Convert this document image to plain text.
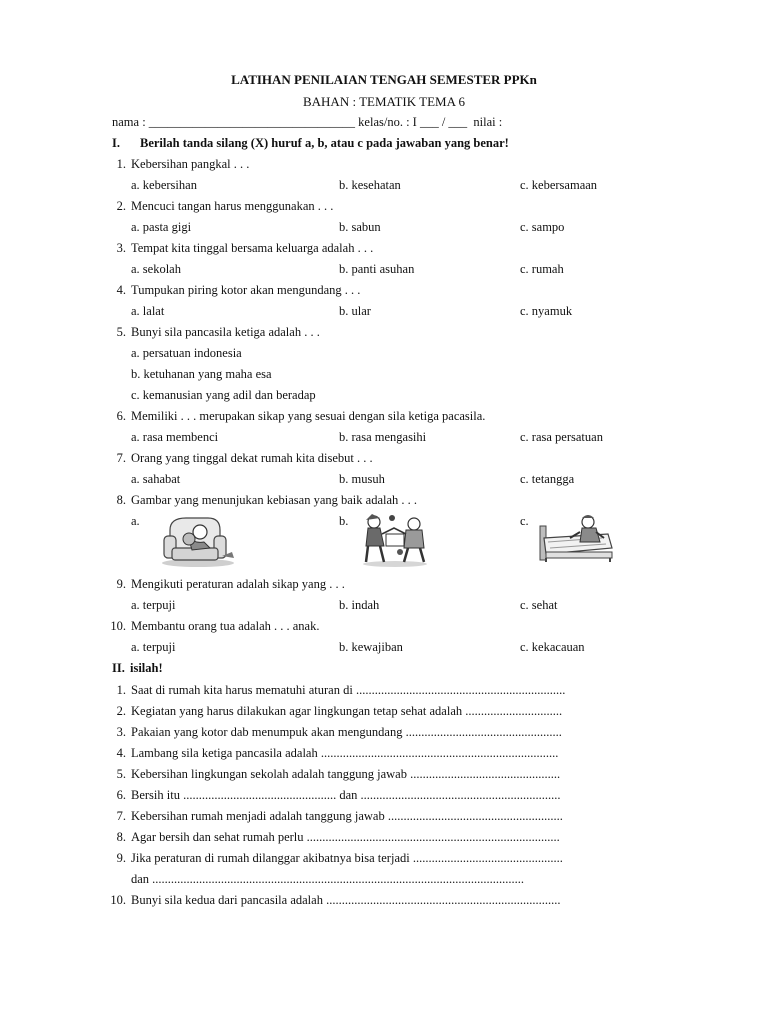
LATIHAN PENILAIAN TENGAH SEMESTER PPKn
BAHAN : TEMATIK TEMA 6
nama : _________________________________ kelas/no. : I ___ / ___  nilai :
I. Berilah tanda silang (X) huruf a, b, atau c pada jawaban yang benar!
1. Kebersihan pangkal . . .
a. kebersihan	b. kesehatan	c. kebersamaan
2. Mencuci tangan harus menggunakan . . .
a. pasta gigi	b. sabun	c. sampo
3. Tempat kita tinggal bersama keluarga adalah . . .
a. sekolah	b. panti asuhan	c. rumah
4. Tumpukan piring kotor akan mengundang . . .
a. lalat	b. ular	c. nyamuk
5. Bunyi sila pancasila ketiga adalah . . .
a. persatuan indonesia
b. ketuhanan yang maha esa
c. kemanusian yang adil dan beradap
6. Memiliki . . . merupakan sikap yang sesuai dengan sila ketiga pacasila.
a. rasa membenci	b. rasa mengasihi	c. rasa persatuan
7. Orang yang tinggal dekat rumah kita disebut . . .
a. sahabat	b. musuh	c. tetangga
8. Gambar yang menunjukan kebiasan yang baik adalah . . .
a.	b.	c.
9. Mengikuti peraturan adalah sikap yang . . .
a. terpuji	b. indah	c. sehat
10. Membantu orang tua adalah . . . anak.
a. terpuji	b. kewajiban	c. kekacauan
II. isilah!
1. Saat di rumah kita harus mematuhi aturan di ...................................................................
2. Kegiatan yang harus dilakukan agar lingkungan tetap sehat adalah ...............................
3. Pakaian yang kotor dab menumpuk akan mengundang ..................................................
4. Lambang sila ketiga pancasila adalah ............................................................................
5. Kebersihan lingkungan sekolah adalah tanggung jawab ................................................
6. Bersih itu ................................................. dan ................................................................
7. Kebersihan rumah menjadi adalah tanggung jawab ........................................................
8. Agar bersih dan sehat rumah perlu .................................................................................
9. Jika peraturan di rumah dilanggar akibatnya bisa terjadi ................................................
dan .......................................................................................................................
10. Bunyi sila kedua dari pancasila adalah ...........................................................................
